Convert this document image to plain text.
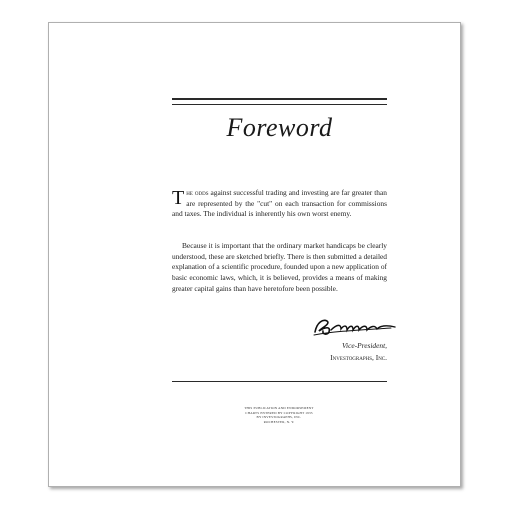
Foreword
The odds against successful trading and investing are far greater than are represented by the "cut" on each transaction for commissions and taxes. The individual is inherently his own worst enemy.
Because it is important that the ordinary market handicaps be clearly understood, these are sketched briefly. There is then submitted a detailed explanation of a scientific procedure, founded upon a new application of basic economic laws, which, it is believed, provides a means of making greater capital gains than have heretofore been possible.
Vice-President,
Investographs, Inc.
THIS PUBLICATION AND ENDORSEMENT
CHARTS ENTERED BY COPYRIGHT 1935
BY INVESTOGRAPHS, INC.
ROCHESTER, N. Y.
